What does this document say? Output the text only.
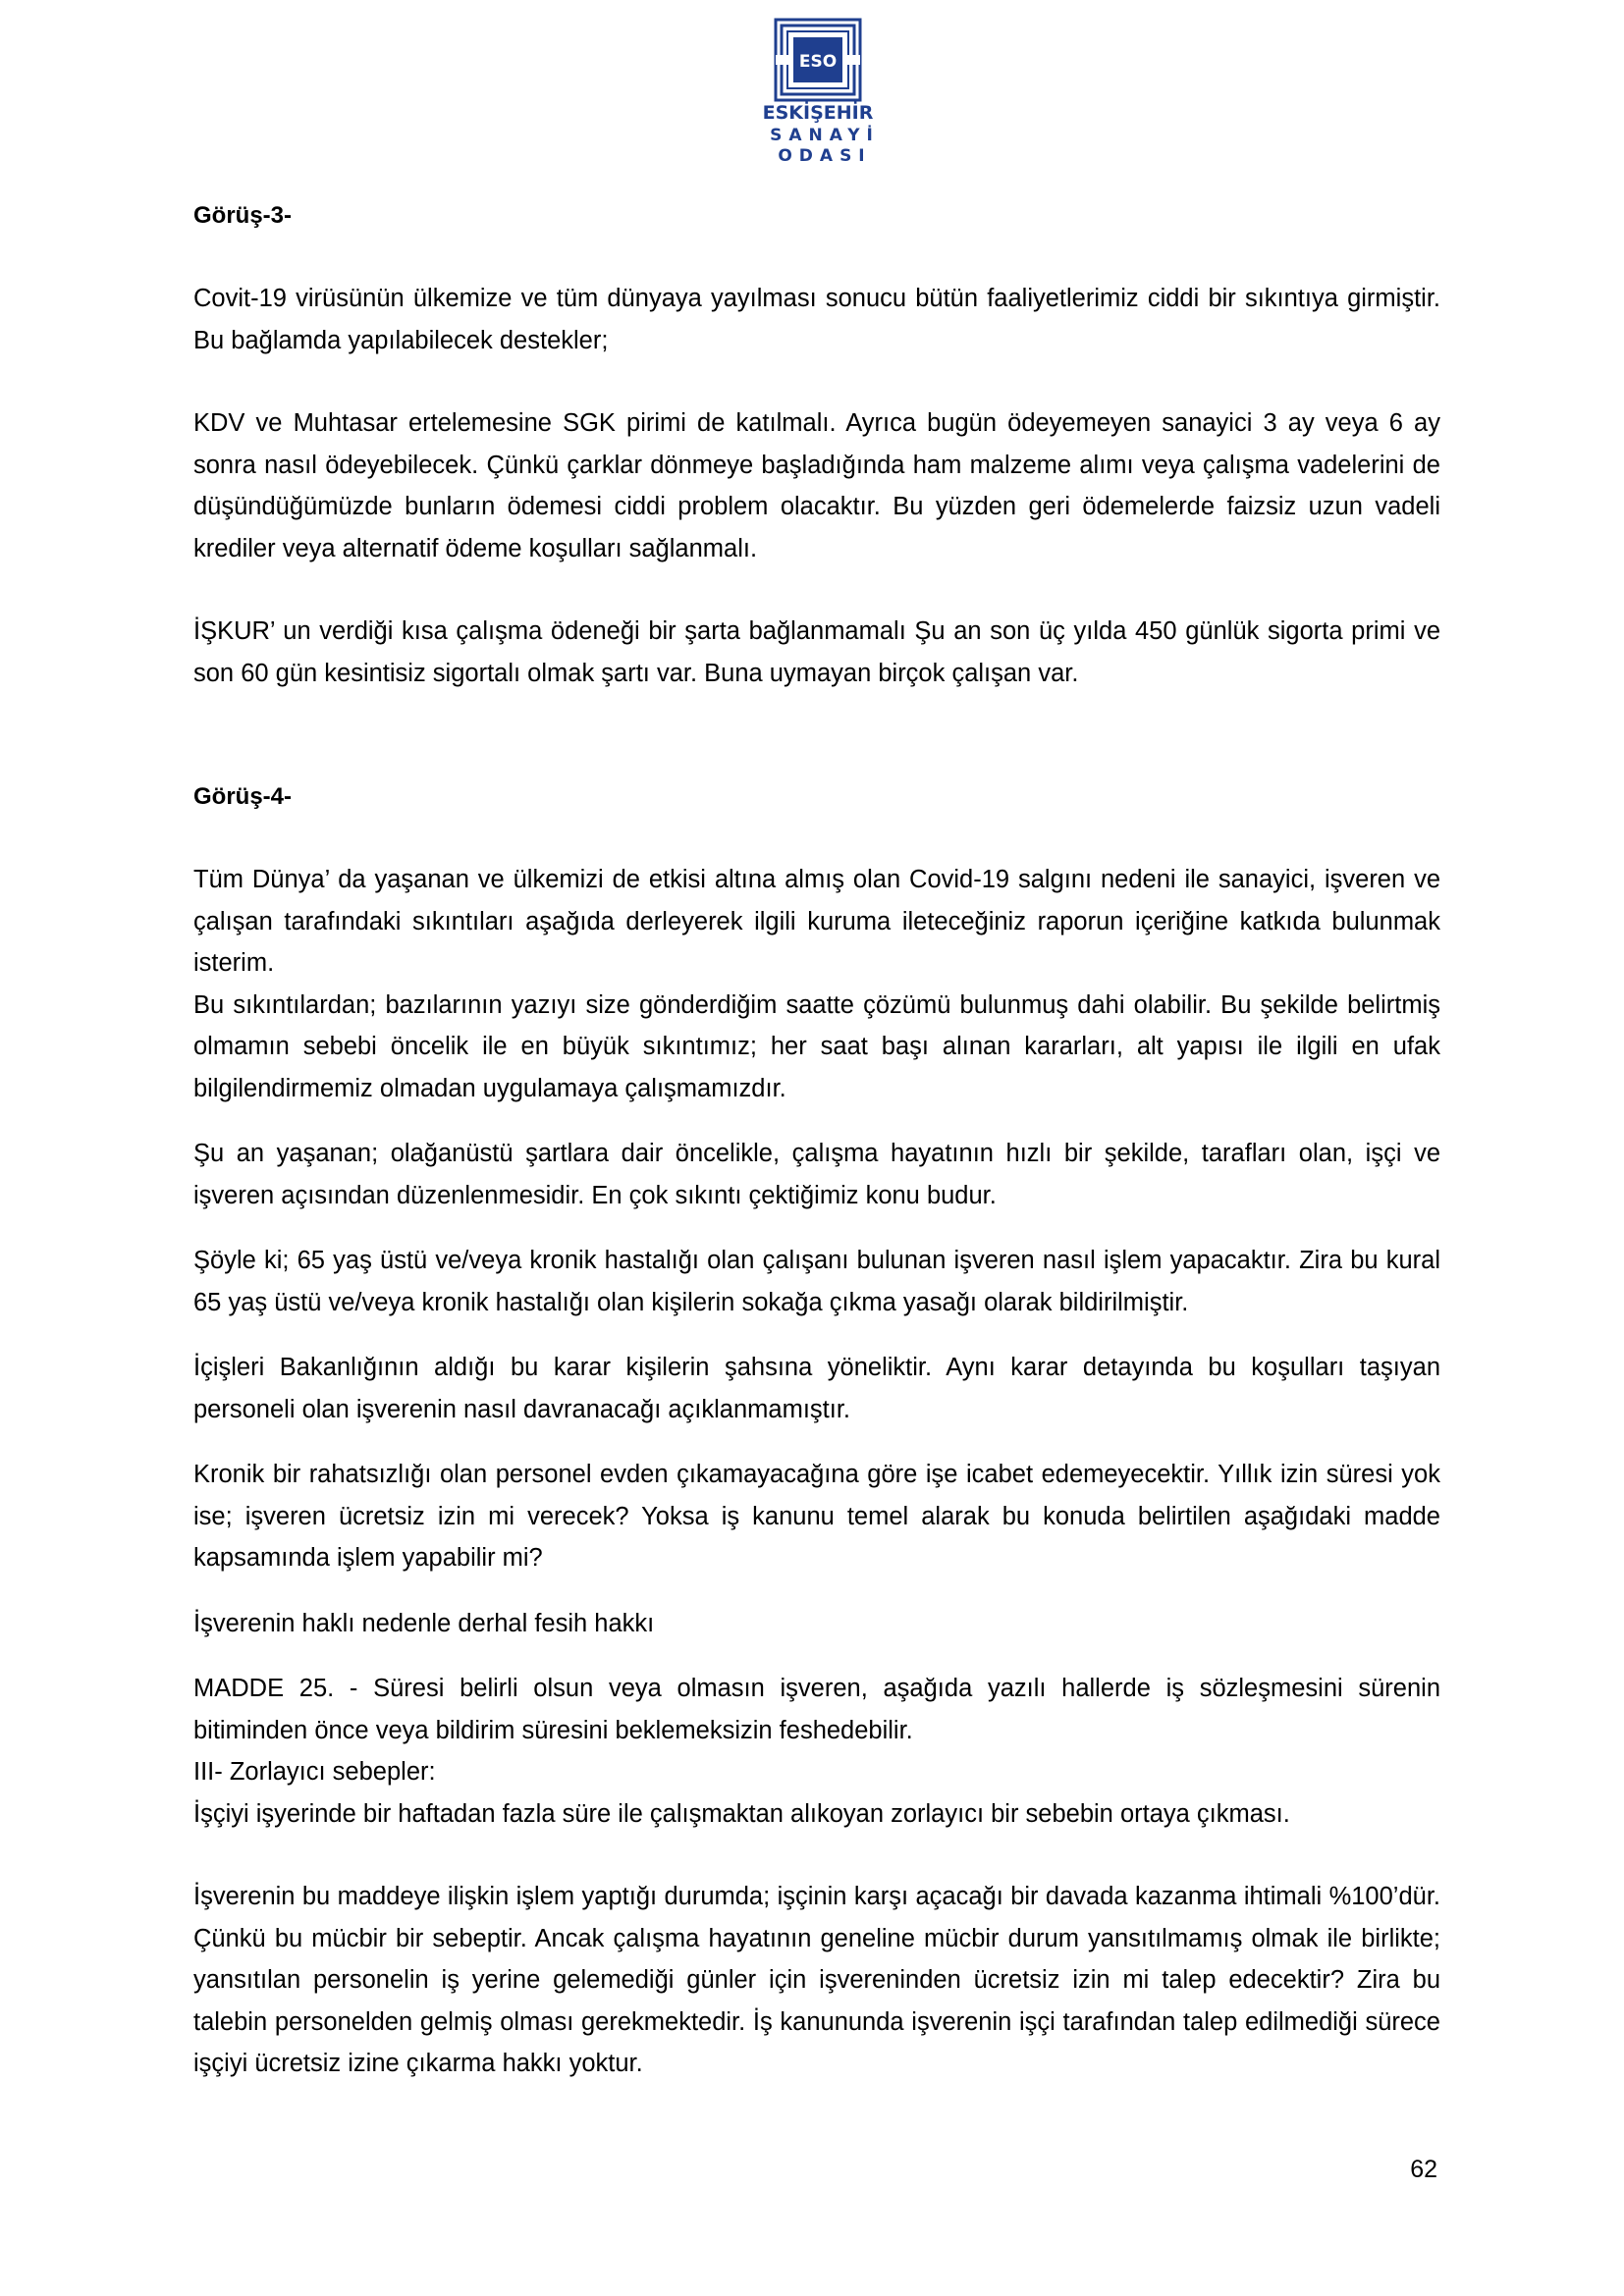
ESO
ESKİŞEHİR
SANAYİ
ODASI
Görüş-3-

Covit-19 virüsünün ülkemize ve tüm dünyaya yayılması sonucu bütün faaliyetlerimiz ciddi bir sıkıntıya girmiştir. Bu bağlamda yapılabilecek destekler;

KDV ve Muhtasar ertelemesine SGK pirimi de katılmalı. Ayrıca bugün ödeyemeyen sanayici 3 ay veya 6 ay sonra nasıl ödeyebilecek. Çünkü çarklar dönmeye başladığında ham malzeme alımı veya çalışma vadelerini de düşündüğümüzde bunların ödemesi ciddi problem olacaktır. Bu yüzden geri ödemelerde faizsiz uzun vadeli krediler veya alternatif ödeme koşulları sağlanmalı.

İŞKUR’ un verdiği kısa çalışma ödeneği bir şarta bağlanmamalı Şu an son üç yılda 450 günlük sigorta primi ve son 60 gün kesintisiz sigortalı olmak şartı var. Buna uymayan birçok çalışan var.

Görüş-4-

Tüm Dünya’ da yaşanan ve ülkemizi de etkisi altına almış olan Covid-19 salgını nedeni ile sanayici, işveren ve çalışan tarafındaki sıkıntıları aşağıda derleyerek ilgili kuruma ileteceğiniz raporun içeriğine katkıda bulunmak isterim.

Bu sıkıntılardan; bazılarının yazıyı size gönderdiğim saatte çözümü bulunmuş dahi olabilir. Bu şekilde belirtmiş olmamın sebebi öncelik ile en büyük sıkıntımız; her saat başı alınan kararları, alt yapısı ile ilgili en ufak bilgilendirmemiz olmadan uygulamaya çalışmamızdır.

Şu an yaşanan; olağanüstü şartlara dair öncelikle, çalışma hayatının hızlı bir şekilde, tarafları olan, işçi ve işveren açısından düzenlenmesidir. En çok sıkıntı çektiğimiz konu budur.

Şöyle ki; 65 yaş üstü ve/veya kronik hastalığı olan çalışanı bulunan işveren nasıl işlem yapacaktır. Zira bu kural 65 yaş üstü ve/veya kronik hastalığı olan kişilerin sokağa çıkma yasağı olarak bildirilmiştir.

İçişleri Bakanlığının aldığı bu karar kişilerin şahsına yöneliktir. Aynı karar detayında bu koşulları taşıyan personeli olan işverenin nasıl davranacağı açıklanmamıştır.

Kronik bir rahatsızlığı olan personel evden çıkamayacağına göre işe icabet edemeyecektir. Yıllık izin süresi yok ise; işveren ücretsiz izin mi verecek? Yoksa iş kanunu temel alarak bu konuda belirtilen aşağıdaki madde kapsamında işlem yapabilir mi?

İşverenin haklı nedenle derhal fesih hakkı

MADDE 25. - Süresi belirli olsun veya olmasın işveren, aşağıda yazılı hallerde iş sözleşmesini sürenin bitiminden önce veya bildirim süresini beklemeksizin feshedebilir.

III- Zorlayıcı sebepler:

İşçiyi işyerinde bir haftadan fazla süre ile çalışmaktan alıkoyan zorlayıcı bir sebebin ortaya çıkması.

İşverenin bu maddeye ilişkin işlem yaptığı durumda; işçinin karşı açacağı bir davada kazanma ihtimali %100’dür. Çünkü bu mücbir bir sebeptir. Ancak çalışma hayatının geneline mücbir durum yansıtılmamış olmak ile birlikte; yansıtılan personelin iş yerine gelemediği günler için işvereninden ücretsiz izin mi talep edecektir? Zira bu talebin personelden gelmiş olması gerekmektedir. İş kanununda işverenin işçi tarafından talep edilmediği sürece işçiyi ücretsiz izine çıkarma hakkı yoktur.

62
